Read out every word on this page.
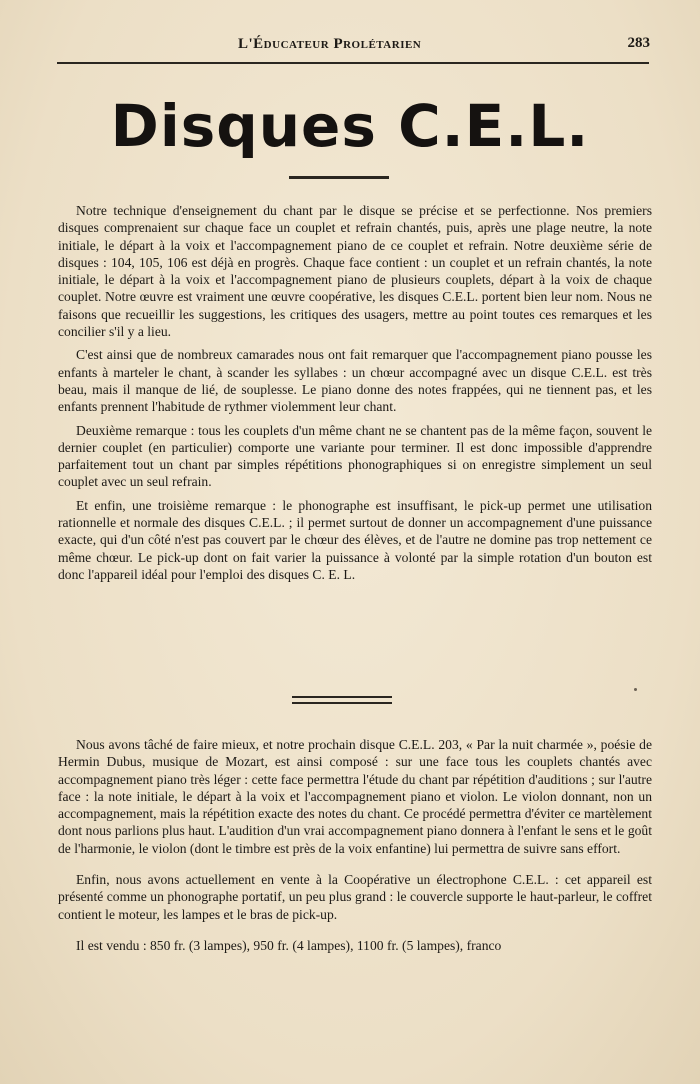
L'Éducateur Prolétarien	283
Disques C.E.L.

Notre technique d'enseignement du chant par le disque se précise et se perfectionne. Nos premiers disques comprenaient sur chaque face un couplet et refrain chantés, puis, après une plage neutre, la note initiale, le départ à la voix et l'accompagnement piano de ce couplet et refrain. Notre deuxième série de disques : 104, 105, 106 est déjà en progrès. Chaque face contient : un couplet et un refrain chantés, la note initiale, le départ à la voix et l'accompagnement piano de plusieurs couplets, départ à la voix de chaque couplet. Notre œuvre est vraiment une œuvre coopérative, les disques C.E.L. portent bien leur nom. Nous ne faisons que recueillir les suggestions, les critiques des usagers, mettre au point toutes ces remarques et les concilier s'il y a lieu.

C'est ainsi que de nombreux camarades nous ont fait remarquer que l'accompagnement piano pousse les enfants à marteler le chant, à scander les syllabes : un chœur accompagné avec un disque C.E.L. est très beau, mais il manque de lié, de souplesse. Le piano donne des notes frappées, qui ne tiennent pas, et les enfants prennent l'habitude de rythmer violemment leur chant.

Deuxième remarque : tous les couplets d'un même chant ne se chantent pas de la même façon, souvent le dernier couplet (en particulier) comporte une variante pour terminer. Il est donc impossible d'apprendre parfaitement tout un chant par simples répétitions phonographiques si on enregistre simplement un seul couplet avec un seul refrain.

Et enfin, une troisième remarque : le phonographe est insuffisant, le pick-up permet une utilisation rationnelle et normale des disques C.E.L. ; il permet surtout de donner un accompagnement d'une puissance exacte, qui d'un côté n'est pas couvert par le chœur des élèves, et de l'autre ne domine pas trop nettement ce même chœur. Le pick-up dont on fait varier la puissance à volonté par la simple rotation d'un bouton est donc l'appareil idéal pour l'emploi des disques C. E. L.

Nous avons tâché de faire mieux, et notre prochain disque C.E.L. 203, « Par la nuit charmée », poésie de Hermin Dubus, musique de Mozart, est ainsi composé : sur une face tous les couplets chantés avec accompagnement piano très léger : cette face permettra l'étude du chant par répétition d'auditions ; sur l'autre face : la note initiale, le départ à la voix et l'accompagnement piano et violon. Le violon donnant, non un accompagnement, mais la répétition exacte des notes du chant. Ce procédé permettra d'éviter ce martèlement dont nous parlions plus haut. L'audition d'un vrai accompagnement piano donnera à l'enfant le sens et le goût de l'harmonie, le violon (dont le timbre est près de la voix enfantine) lui permettra de suivre sans effort.

Enfin, nous avons actuellement en vente à la Coopérative un électrophone C.E.L. : cet appareil est présenté comme un phonographe portatif, un peu plus grand : le couvercle supporte le haut-parleur, le coffret contient le moteur, les lampes et le bras de pick-up.

Il est vendu : 850 fr. (3 lampes), 950 fr. (4 lampes), 1100 fr. (5 lampes), franco
